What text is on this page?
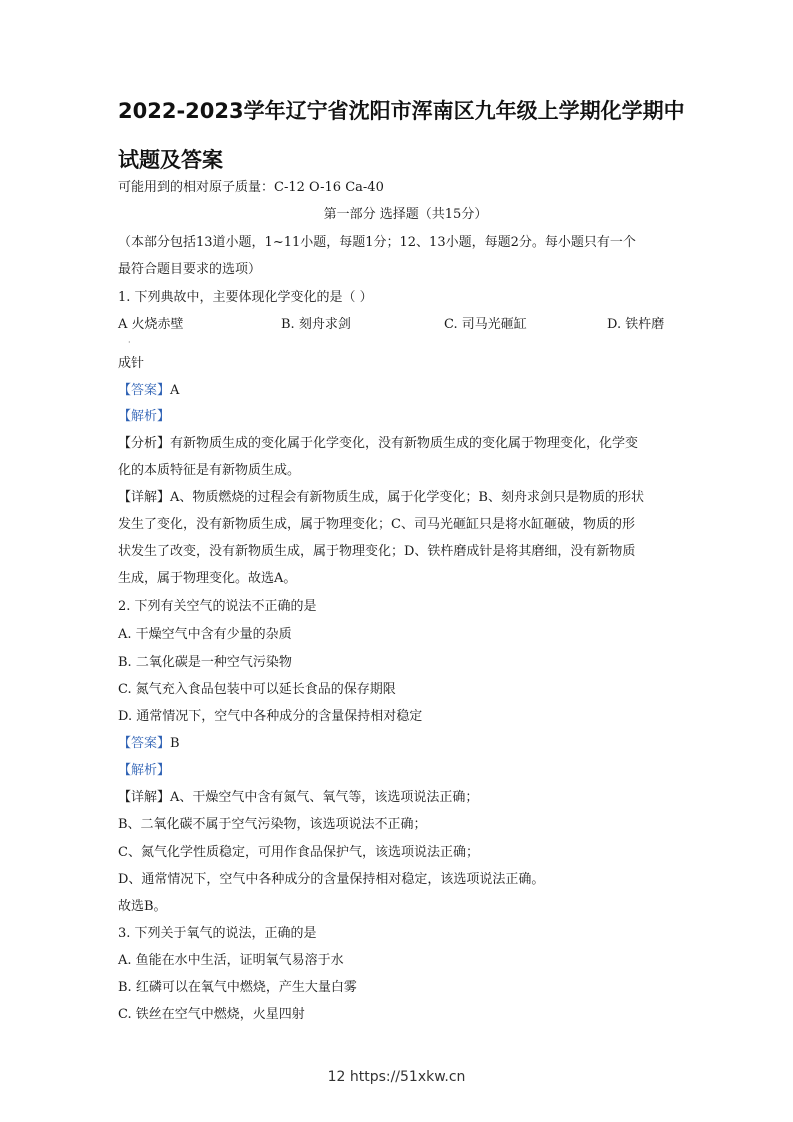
2022-2023学年辽宁省沈阳市浑南区九年级上学期化学期中
试题及答案
可能用到的相对原子质量：C-12 O-16 Ca-40
第一部分 选择题（共15分）
（本部分包括13道小题，1~11小题，每题1分；12、13小题，每题2分。每小题只有一个
最符合题目要求的选项）
1. 下列典故中，主要体现化学变化的是（ ）
A 火烧赤壁	B. 刻舟求剑	C. 司马光砸缸	D. 铁杵磨
·
成针
【答案】A
【解析】
【分析】有新物质生成的变化属于化学变化，没有新物质生成的变化属于物理变化，化学变
化的本质特征是有新物质生成。
【详解】A、物质燃烧的过程会有新物质生成，属于化学变化；B、刻舟求剑只是物质的形状
发生了变化，没有新物质生成，属于物理变化；C、司马光砸缸只是将水缸砸破，物质的形
状发生了改变，没有新物质生成，属于物理变化；D、铁杵磨成针是将其磨细，没有新物质
生成，属于物理变化。故选A。
2. 下列有关空气的说法不正确的是
A. 干燥空气中含有少量的杂质
B. 二氧化碳是一种空气污染物
C. 氮气充入食品包装中可以延长食品的保存期限
D. 通常情况下，空气中各种成分的含量保持相对稳定
【答案】B
【解析】
【详解】A、干燥空气中含有氮气、氧气等，该选项说法正确；
B、二氧化碳不属于空气污染物，该选项说法不正确；
C、氮气化学性质稳定，可用作食品保护气，该选项说法正确；
D、通常情况下，空气中各种成分的含量保持相对稳定，该选项说法正确。
故选B。
3. 下列关于氧气的说法，正确的是
A. 鱼能在水中生活，证明氧气易溶于水
B. 红磷可以在氧气中燃烧，产生大量白雾
C. 铁丝在空气中燃烧，火星四射
12 https://51xkw.cn
